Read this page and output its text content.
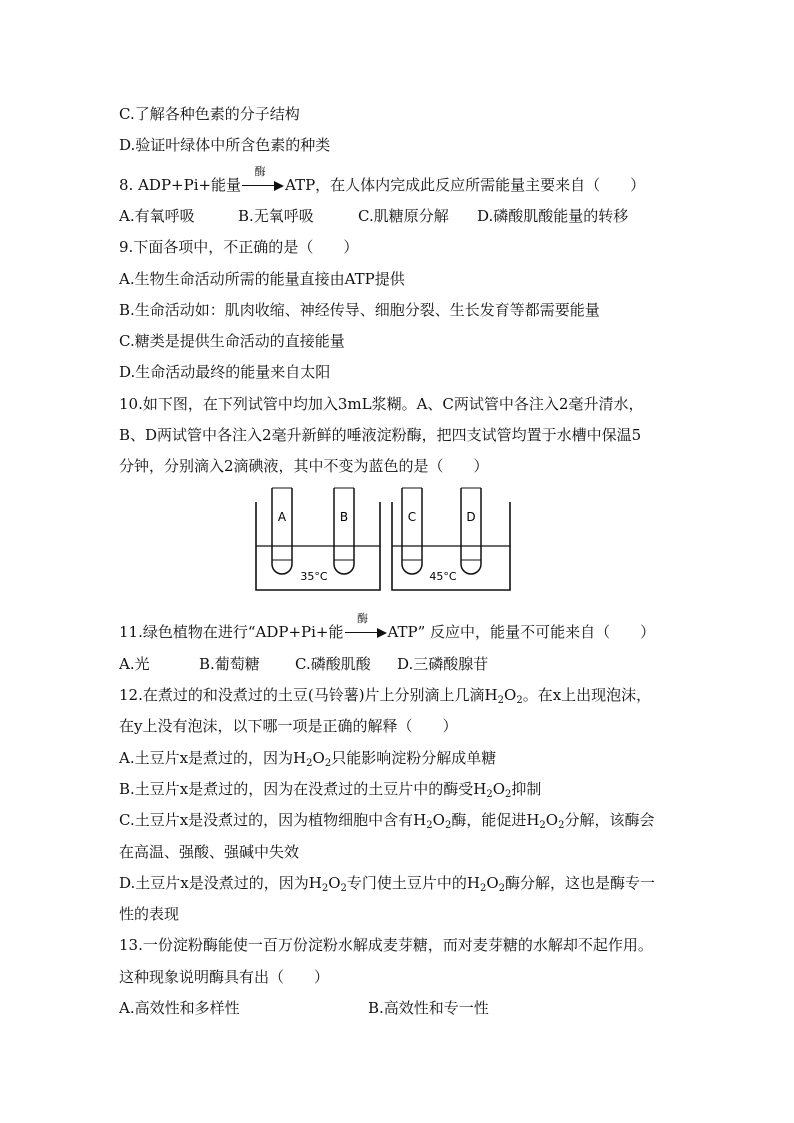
C.了解各种色素的分子结构
D.验证叶绿体中所含色素的种类
8. ADP+Pi+能量
酶
ATP，在人体内完成此反应所需能量主要来自（　　）
A.有氧呼吸	B.无氧呼吸	C.肌糖原分解 D.磷酸肌酸能量的转移
9.下面各项中，不正确的是（　　）
A.生物生命活动所需的能量直接由ATP提供
B.生命活动如：肌肉收缩、神经传导、细胞分裂、生长发育等都需要能量
C.糖类是提供生命活动的直接能量
D.生命活动最终的能量来自太阳
10.如下图，在下列试管中均加入3mL浆糊。A、C两试管中各注入2毫升清水，
B、D两试管中各注入2毫升新鲜的唾液淀粉酶，把四支试管均置于水槽中保温5
分钟，分别滴入2滴碘液，其中不变为蓝色的是（　　）
A	B
35°C
C	D
45°C
11.绿色植物在进行“ADP+Pi+能
酶
ATP” 反应中，能量不可能来自（　　）
A.光	B.葡萄糖 C.磷酸肌酸 D.三磷酸腺苷
12.在煮过的和没煮过的土豆(马铃薯)片上分别滴上几滴$H_2O_2$。在x上出现泡沫，
在y上没有泡沫，以下哪一项是正确的解释（　　）
A.土豆片x是煮过的，因为$H_2O_2$只能影响淀粉分解成单糖
B.土豆片x是煮过的，因为在没煮过的土豆片中的酶受$H_2O_2$抑制
C.土豆片x是没煮过的，因为植物细胞中含有$H_2O_2$酶，能促进$H_2O_2$分解，该酶会
在高温、强酸、强碱中失效
D.土豆片x是没煮过的，因为$H_2O_2$专门使土豆片中的$H_2O_2$酶分解，这也是酶专一
性的表现
13.一份淀粉酶能使一百万份淀粉水解成麦芽糖，而对麦芽糖的水解却不起作用。
这种现象说明酶具有出（　　）
A.高效性和多样性	B.高效性和专一性
